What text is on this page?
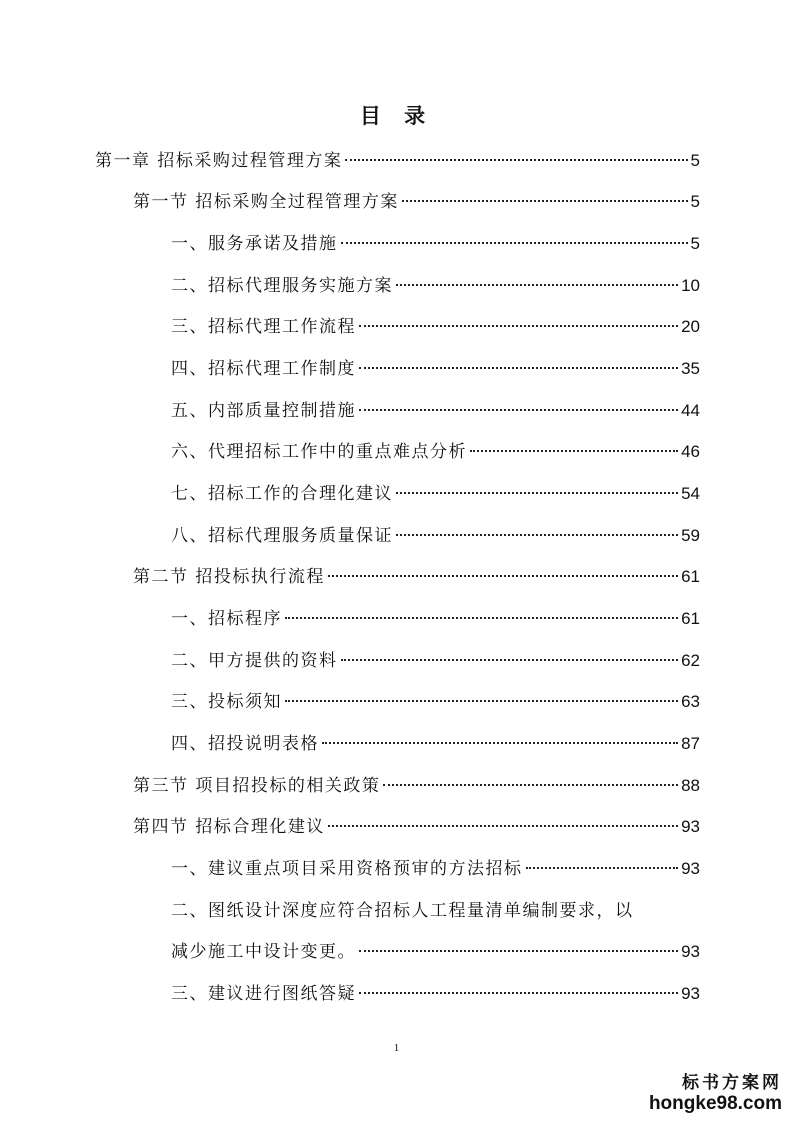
目 录
第一章 招标采购过程管理方案	5
第一节 招标采购全过程管理方案	5
一、服务承诺及措施	5
二、招标代理服务实施方案	10
三、招标代理工作流程	20
四、招标代理工作制度	35
五、内部质量控制措施	44
六、代理招标工作中的重点难点分析	46
七、招标工作的合理化建议	54
八、招标代理服务质量保证	59
第二节 招投标执行流程	61
一、招标程序	61
二、甲方提供的资料	62
三、投标须知	63
四、招投说明表格	87
第三节 项目招投标的相关政策	88
第四节 招标合理化建议	93
一、建议重点项目采用资格预审的方法招标	93
二、图纸设计深度应符合招标人工程量清单编制要求，以
减少施工中设计变更。	93
三、建议进行图纸答疑	93
1
标书方案网
hongke98.com
